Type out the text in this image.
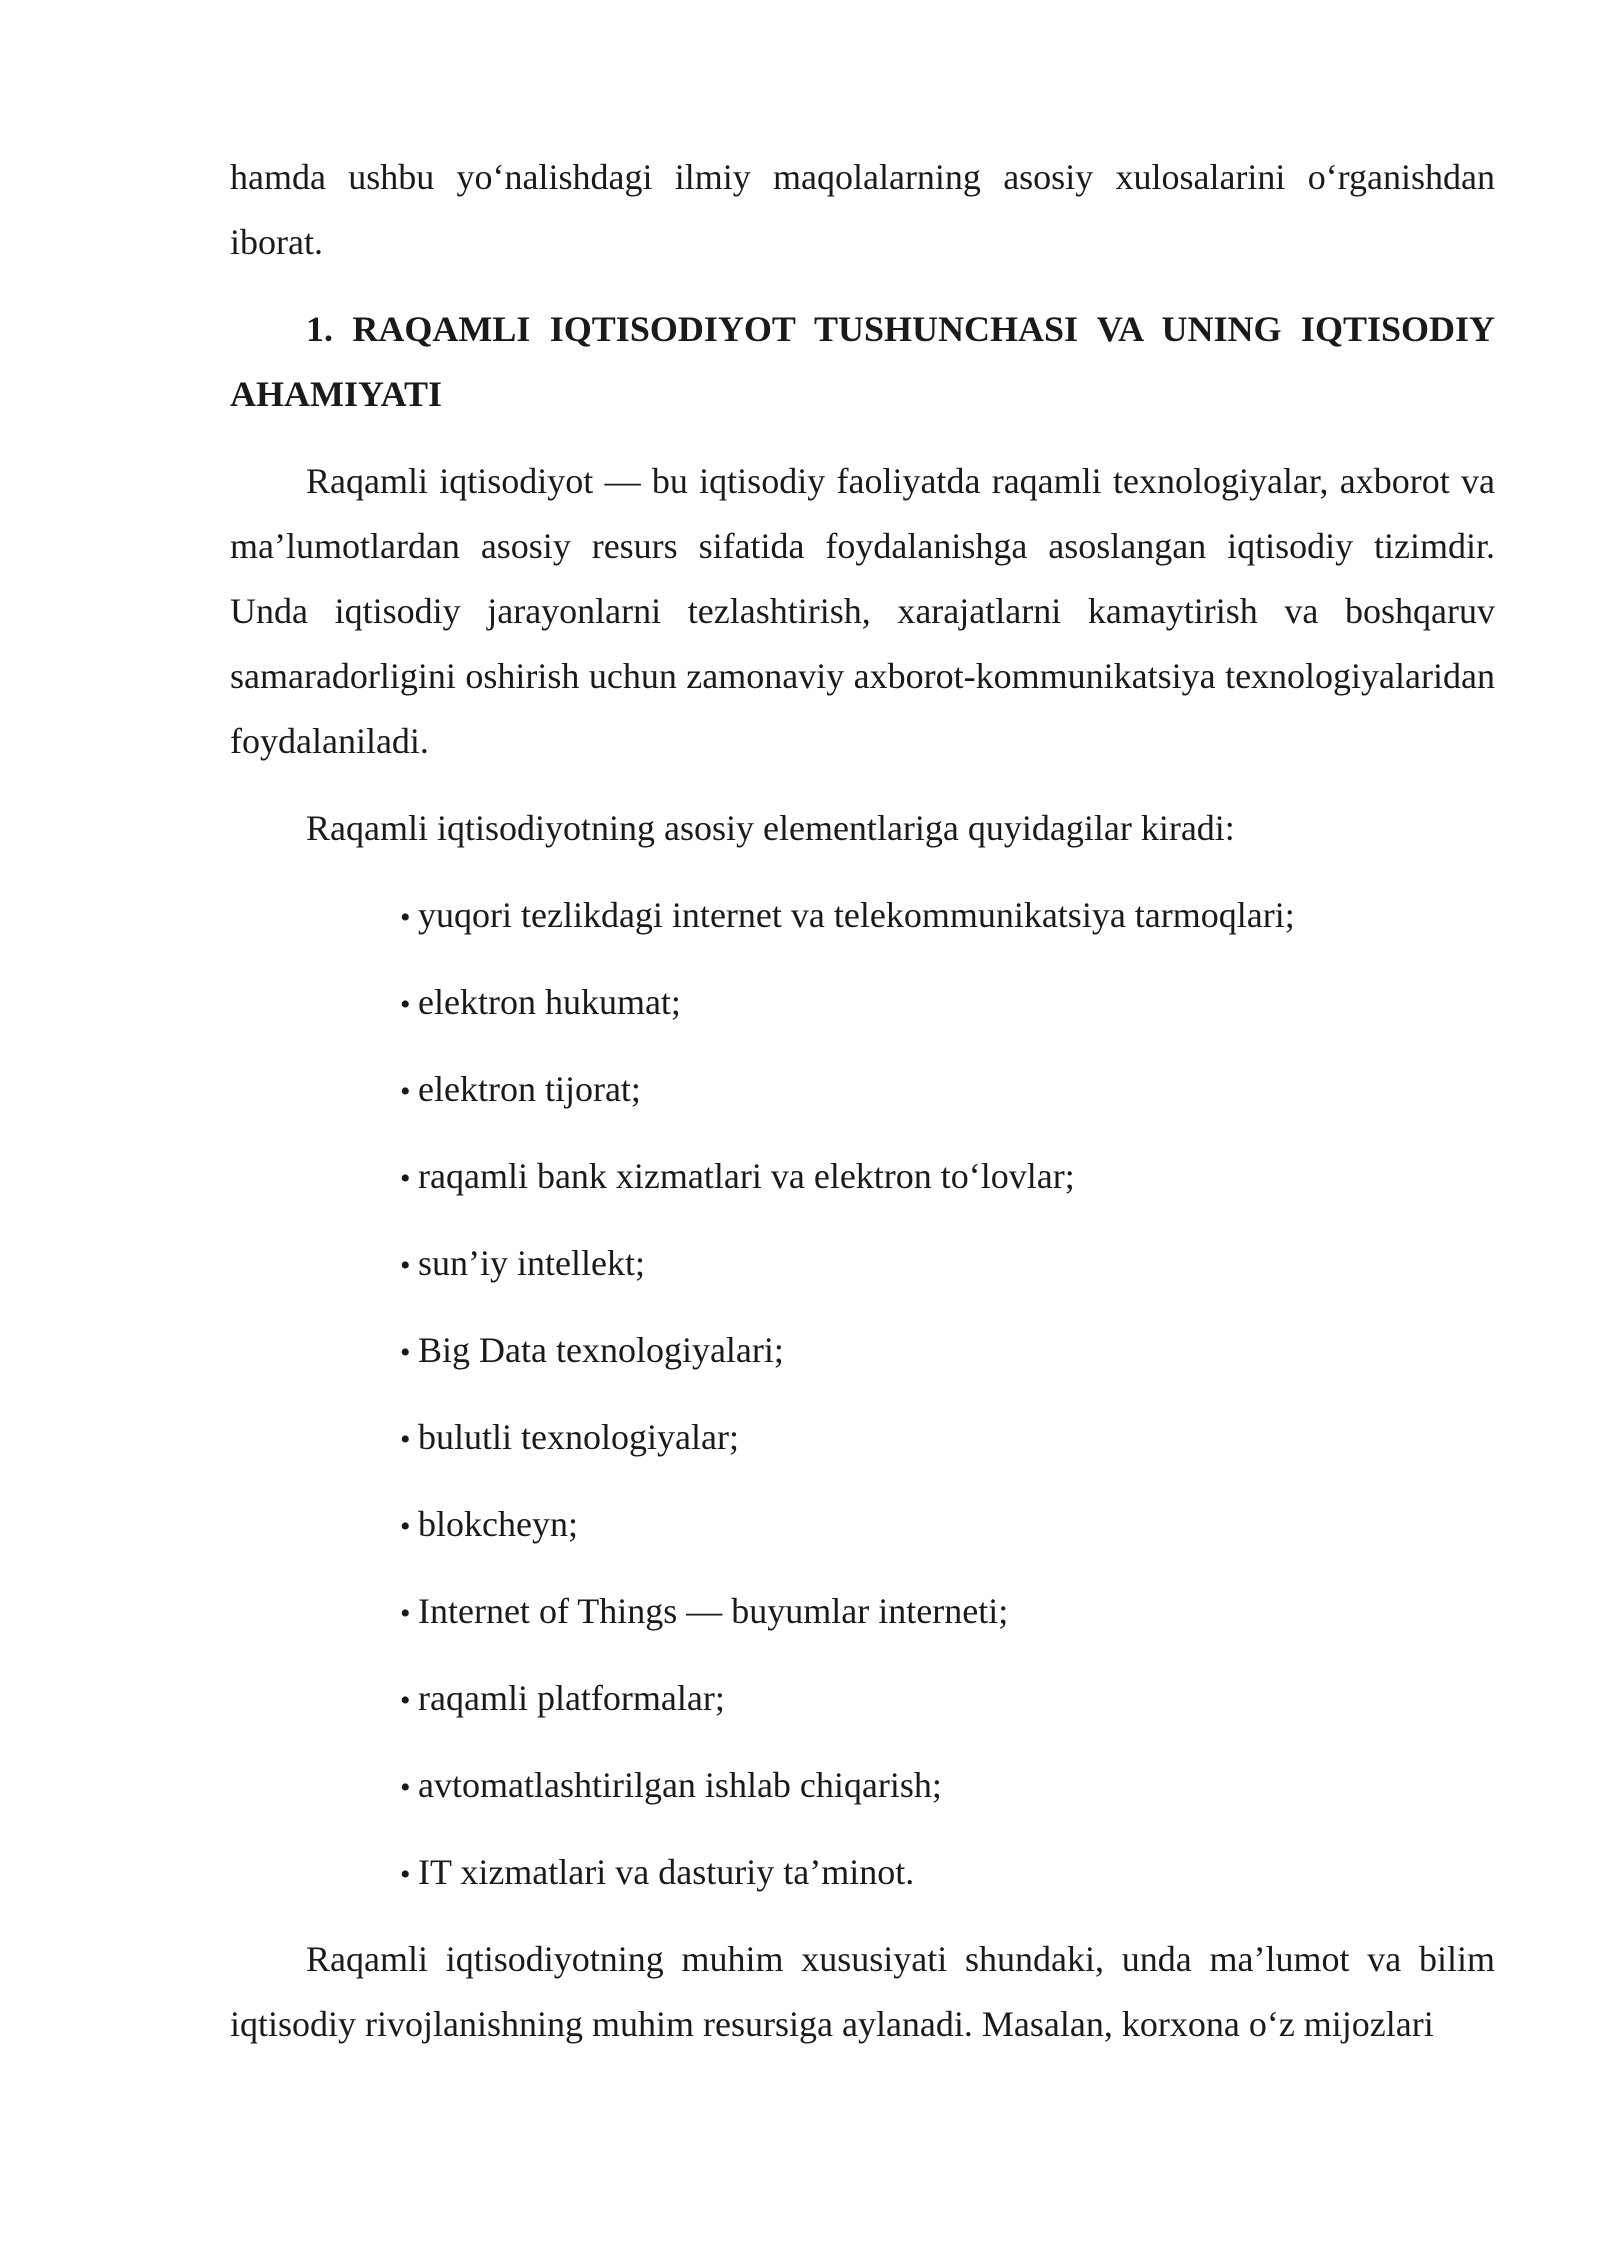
hamda ushbu yo‘nalishdagi ilmiy maqolalarning asosiy xulosalarini o‘rganishdan iborat.

1. RAQAMLI IQTISODIYOT TUSHUNCHASI VA UNING IQTISODIY AHAMIYATI

Raqamli iqtisodiyot — bu iqtisodiy faoliyatda raqamli texnologiyalar, axborot va ma’lumotlardan asosiy resurs sifatida foydalanishga asoslangan iqtisodiy tizimdir. Unda iqtisodiy jarayonlarni tezlashtirish, xarajatlarni kamaytirish va boshqaruv samaradorligini oshirish uchun zamonaviy axborot-kommunikatsiya texnologiyalaridan foydalaniladi.

Raqamli iqtisodiyotning asosiy elementlariga quyidagilar kiradi:

• yuqori tezlikdagi internet va telekommunikatsiya tarmoqlari;
• elektron hukumat;
• elektron tijorat;
• raqamli bank xizmatlari va elektron to‘lovlar;
• sun’iy intellekt;
• Big Data texnologiyalari;
• bulutli texnologiyalar;
• blokcheyn;
• Internet of Things — buyumlar interneti;
• raqamli platformalar;
• avtomatlashtirilgan ishlab chiqarish;
• IT xizmatlari va dasturiy ta’minot.

Raqamli iqtisodiyotning muhim xususiyati shundaki, unda ma’lumot va bilim iqtisodiy rivojlanishning muhim resursiga aylanadi. Masalan, korxona o‘z mijozlari
